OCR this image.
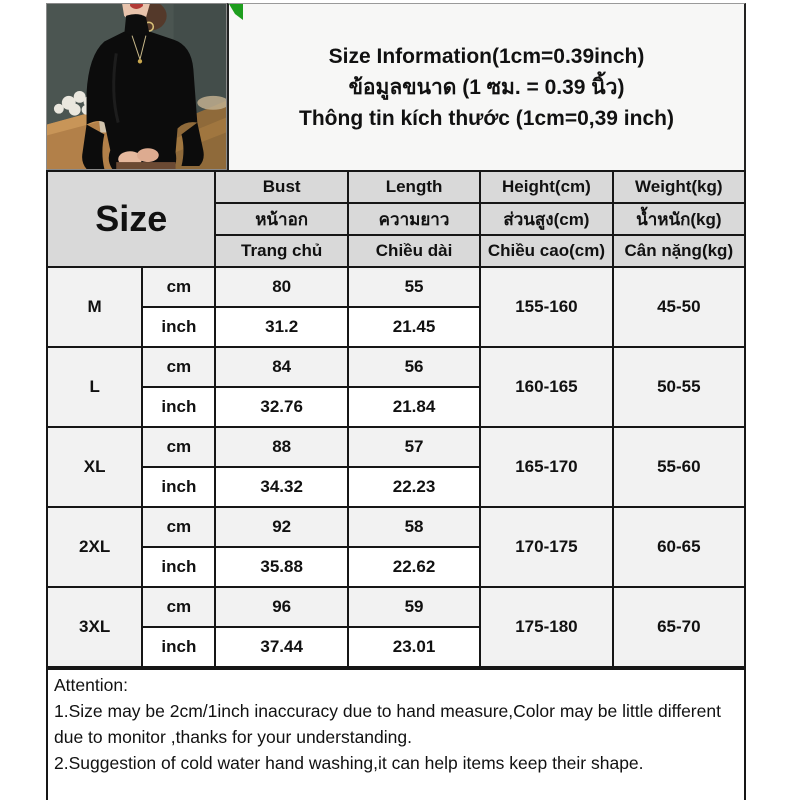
Size Information(1cm=0.39inch)
ข้อมูลขนาด (1 ซม. = 0.39 นิ้ว)
Thông tin kích thước (1cm=0,39 inch)
Size		Bust	Length	Height(cm)	Weight(kg)
		หน้าอก	ความยาว	ส่วนสูง(cm)	น้ำหนัก(kg)
		Trang chủ	Chiều dài	Chiều cao(cm)	Cân nặng(kg)
M	cm	80	55	155-160	45-50
	inch	31.2	21.45		
L	cm	84	56	160-165	50-55
	inch	32.76	21.84		
XL	cm	88	57	165-170	55-60
	inch	34.32	22.23		
2XL	cm	92	58	170-175	60-65
	inch	35.88	22.62		
3XL	cm	96	59	175-180	65-70
	inch	37.44	23.01		
Attention:
1.Size may be 2cm/1inch inaccuracy due to hand measure,Color may be little different due to monitor ,thanks for your understanding.
2.Suggestion of cold water hand washing,it can help items keep their shape.
